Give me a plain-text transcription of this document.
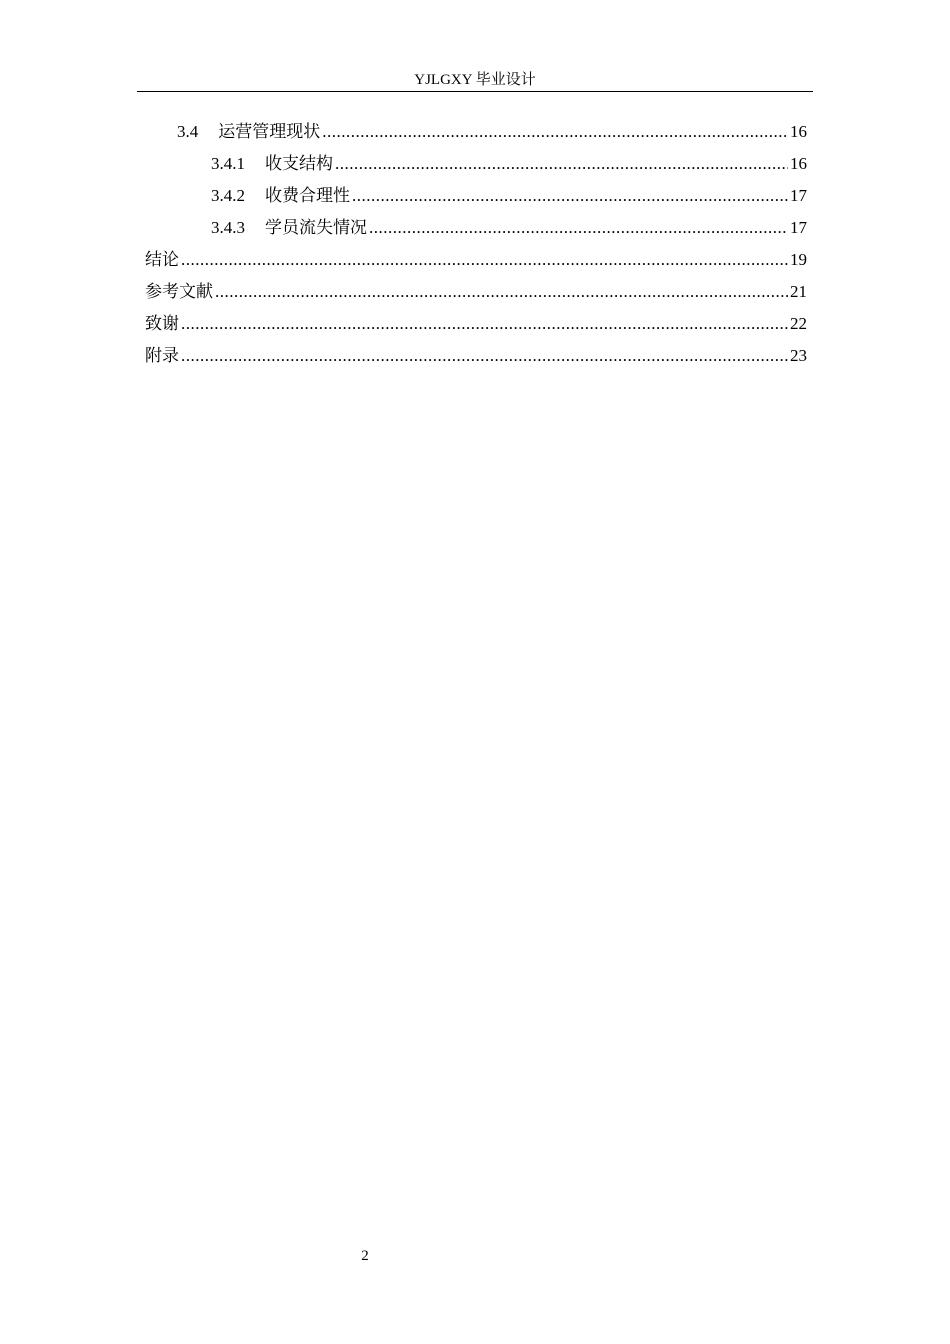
YJLGXY 毕业设计
3.4 运营管理现状 .....	16
3.4.1 收支结构 .....	16
3.4.2 收费合理性 .....	17
3.4.3 学员流失情况 .....	17
结论 .....	19
参考文献 .....	21
致谢 .....	22
附录 .....	23
2
